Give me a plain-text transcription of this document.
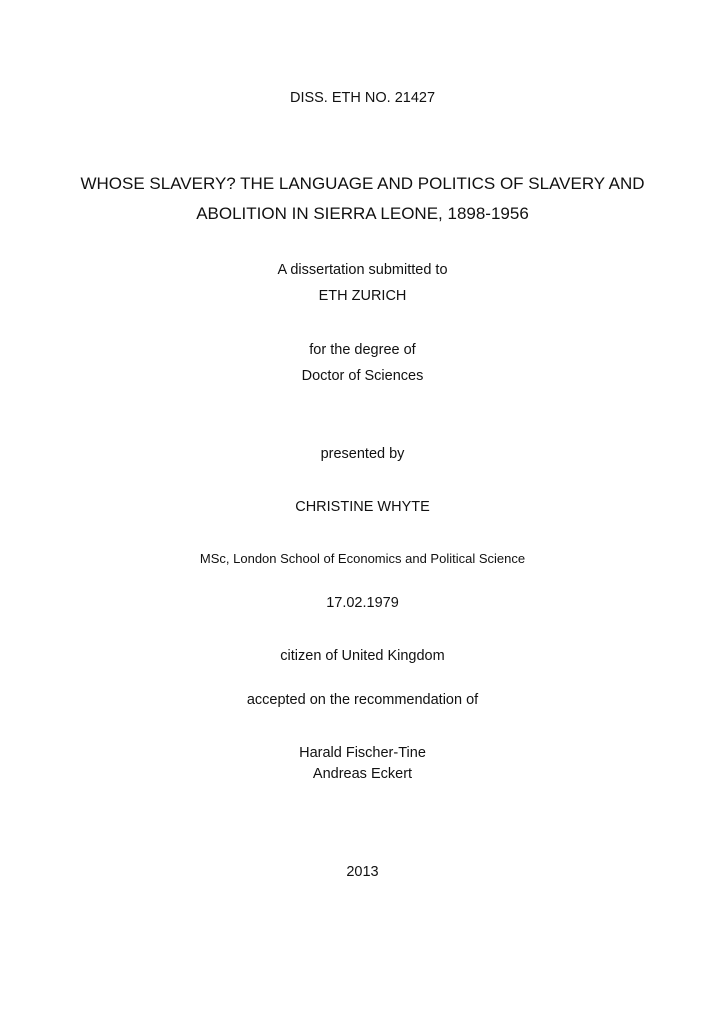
DISS. ETH NO. 21427
WHOSE SLAVERY? THE LANGUAGE AND POLITICS OF SLAVERY AND
ABOLITION IN SIERRA LEONE, 1898-1956
A dissertation submitted to
ETH ZURICH
for the degree of
Doctor of Sciences
presented by
CHRISTINE WHYTE
MSc, London School of Economics and Political Science
17.02.1979
citizen of United Kingdom
accepted on the recommendation of
Harald Fischer-Tine
Andreas Eckert
2013
